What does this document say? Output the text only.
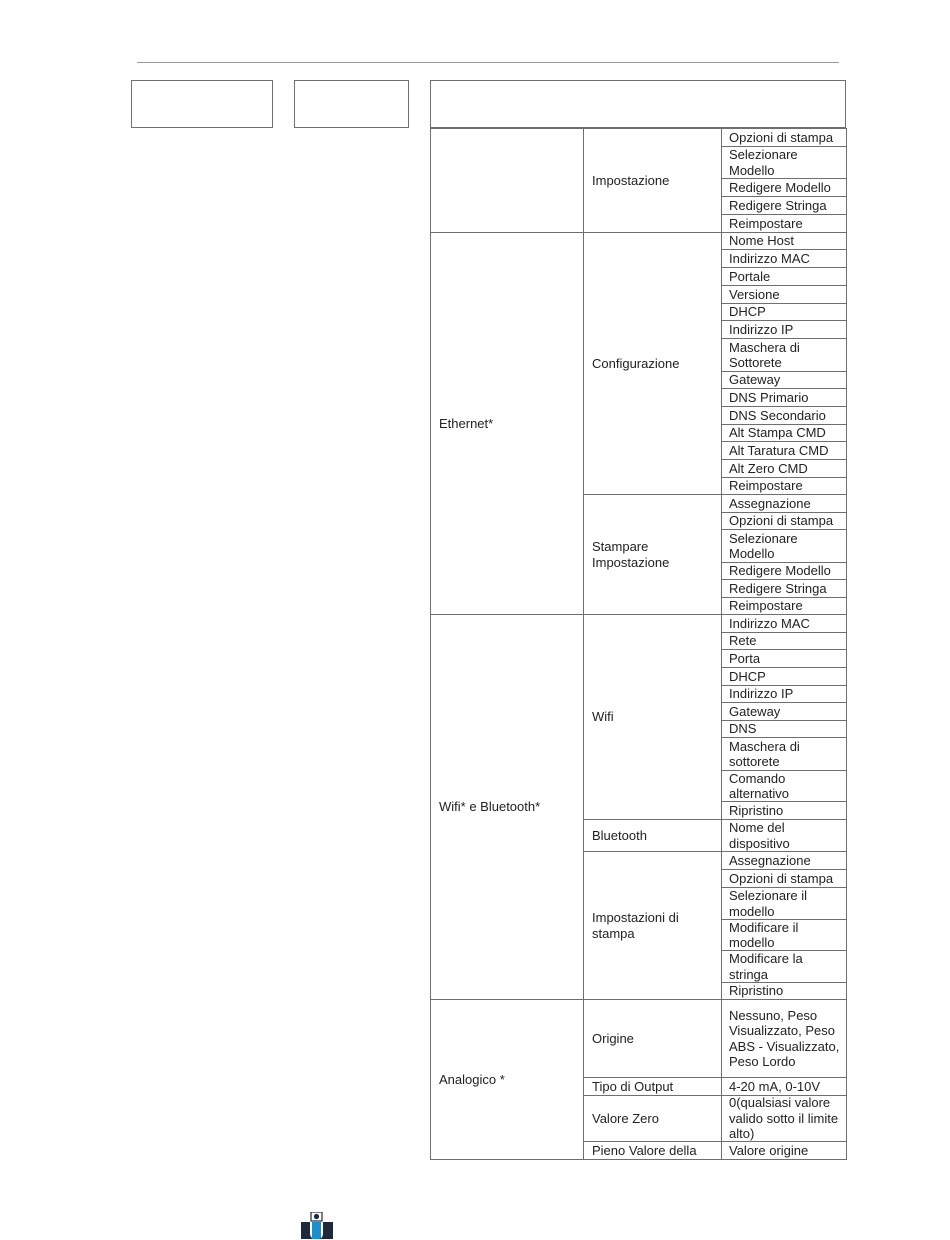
Opzioni di stampa
Selezionare Modello
Redigere Modello
Redigere Stringa
Reimpostare
Impostazione
Nome Host
Indirizzo MAC
Portale
Versione
DHCP
Indirizzo IP
Maschera di Sottorete
Gateway
DNS Primario
DNS Secondario
Alt Stampa CMD
Alt Taratura CMD
Alt Zero CMD
Reimpostare
Configurazione
Assegnazione
Opzioni di stampa
Selezionare Modello
Redigere Modello
Redigere Stringa
Reimpostare
Stampare Impostazione
Ethernet*
Indirizzo MAC
Rete
Porta
DHCP
Indirizzo IP
Gateway
DNS
Maschera di sottorete
Comando alternativo
Ripristino
Wifi
Nome del dispositivo
Bluetooth
Assegnazione
Opzioni di stampa
Selezionare il modello
Modificare il modello
Modificare la stringa
Ripristino
Impostazioni di stampa
Wifi* e Bluetooth*
Nessuno, Peso Visualizzato, Peso ABS - Visualizzato, Peso Lordo
Origine
4-20 mA, 0-10V
Tipo di Output
0(qualsiasi valore valido sotto il limite alto)
Valore Zero
Valore origine
Pieno Valore della
Analogico *
